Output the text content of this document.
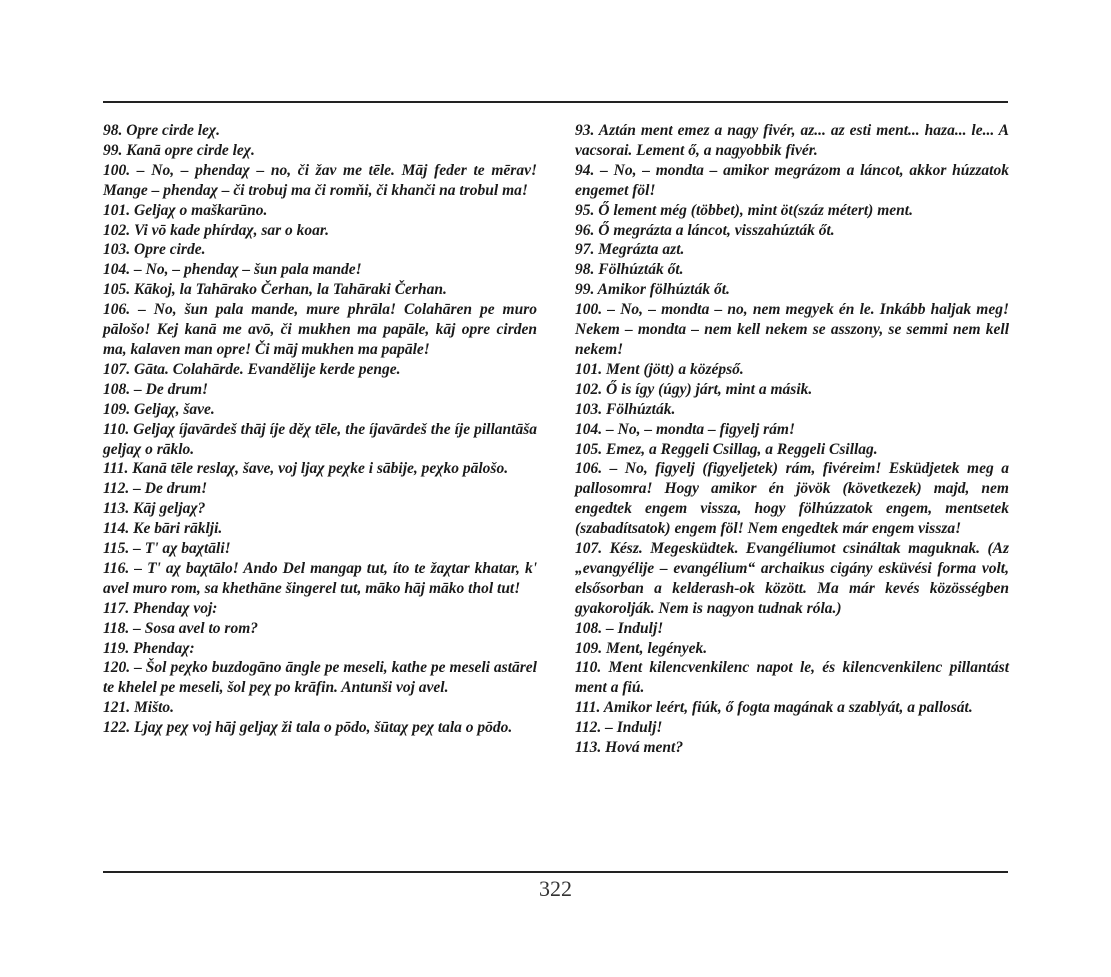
98. Opre cirde leχ.

99. Kanā opre cirde leχ.

100. – No, – phendaχ – no, či žav me tēle. Māj feder te mērav! Mange – phendaχ – či trobuj ma či romňi, či khanči na trobul ma!

101. Geljaχ o maškarūno.

102. Vi vō kade phírdaχ, sar o koar.

103. Opre cirde.

104. – No, – phendaχ – šun pala mande!

105. Kākoj, la Tahārako Čerhan, la Tahāraki Čerhan.

106. – No, šun pala mande, mure phrāla! Colahāren pe muro pālošo! Kej kanā me avō, či mukhen ma papāle, kāj opre cirden ma, kalaven man opre! Či māj mukhen ma papāle!

107. Gāta. Colahārde. Evandělije kerde penge.

108. – De drum!

109. Geljaχ, šave.

110. Geljaχ íjavārdeš thāj íje děχ tēle, the íjavārdeš the íje pillantāša geljaχ o rāklo.

111. Kanā tēle reslaχ, šave, voj ljaχ peχke i sābije, peχko pālošo.

112. – De drum!

113. Kāj geljaχ?

114. Ke bāri rāklji.

115. – T' aχ baχtāli!

116. – T' aχ baχtālo! Ando Del mangap tut, íto te žaχtar khatar, k' avel muro rom, sa khethāne šingerel tut, māko hāj māko thol tut!

117. Phendaχ voj:

118. – Sosa avel to rom?

119. Phendaχ:

120. – Šol peχko buzdogāno āngle pe meseli, kathe pe meseli astārel te khelel pe meseli, šol peχ po krāfin. Antunši voj avel.

121. Mišto.

122. Ljaχ peχ voj hāj geljaχ ži tala o pōdo, šūtaχ peχ tala o pōdo.

93. Aztán ment emez a nagy fivér, az... az esti ment... haza... le... A vacsorai. Lement ő, a nagyobbik fivér.

94. – No, – mondta – amikor megrázom a láncot, akkor húzzatok engemet föl!

95. Ő lement még (többet), mint öt(száz métert) ment.

96. Ő megrázta a láncot, visszahúzták őt.

97. Megrázta azt.

98. Fölhúzták őt.

99. Amikor fölhúzták őt.

100. – No, – mondta – no, nem megyek én le. Inkább haljak meg! Nekem – mondta – nem kell nekem se asszony, se semmi nem kell nekem!

101. Ment (jött) a középső.

102. Ő is így (úgy) járt, mint a másik.

103. Fölhúzták.

104. – No, – mondta – figyelj rám!

105. Emez, a Reggeli Csillag, a Reggeli Csillag.

106. – No, figyelj (figyeljetek) rám, fivéreim! Esküdjetek meg a pallosomra! Hogy amikor én jövök (következek) majd, nem engedtek engem vissza, hogy fölhúzzatok engem, mentsetek (szabadítsatok) engem föl! Nem engedtek már engem vissza!

107. Kész. Megesküdtek. Evangéliumot csináltak maguknak. (Az „evangyélije – evangélium“ archaikus cigány esküvési forma volt, elsősorban a kelderash-ok között. Ma már kevés közösségben gyakorolják. Nem is nagyon tudnak róla.)

108. – Indulj!

109. Ment, legények.

110. Ment kilencvenkilenc napot le, és kilencvenkilenc pillantást ment a fiú.

111. Amikor leért, fiúk, ő fogta magának a szablyát, a pallosát.

112. – Indulj!

113. Hová ment?

322
